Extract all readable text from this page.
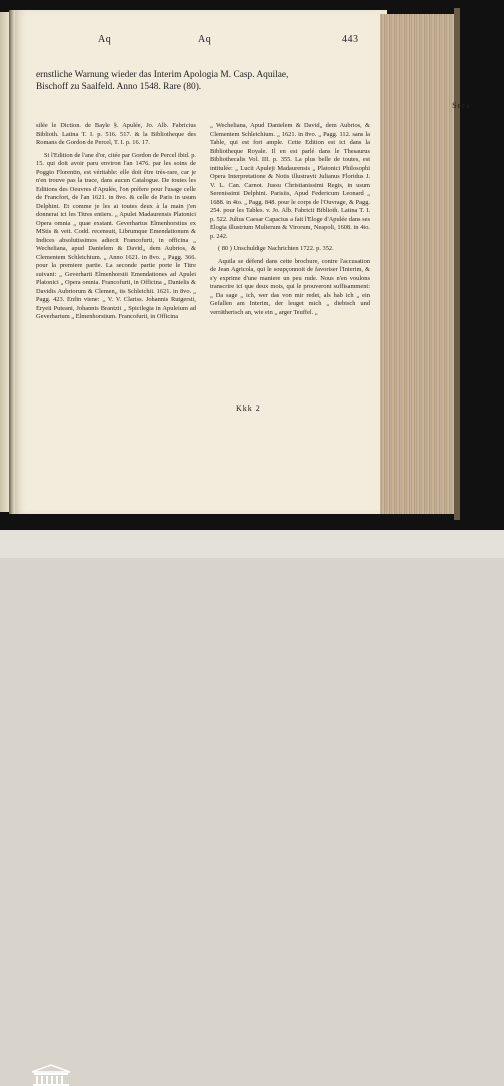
Aq	Aq	443
ernstliche Warnung wieder das Interim Apologia M. Casp. Aquilae,
Bischoff zu Saalfeld. Anno 1548. Rare (80).
Sera-

silée le Diction. de Bayle §. Apulée, Jo. Alb. Fabricius Biblioth. Latina T. I. p. 516. 517. & la Bibliotheque des Romans de Gordon de Percel, T. I. p. 16. 17.

Si l'Edition de l'ane d'or, citée par Gordon de Percel ibid. p. 15. qui doit avoir paru environ l'an 1476. par les soins de Poggio Florentin, est véritable: elle doit être très-rare, car je n'en trouve pas la trace, dans aucun Catalogue. De toutes les Editions des Oeuvres d'Apulée, l'on préfere pour l'usage celle de Francfort, de l'an 1621. in 8vo. & celle de Paris in usum Delphini. Et comme je les ai toutes deux à la main j'en donnerai ici les Titres entiers. „ Apulei Madaurensis Platonici Opera omnia „ quae exstant. Geverhartus Elmenhorstius ex MStis & vett. Codd. recensuit, Librumque Emendationum & Indices absolutissimos adiecit Francofurti, in officina „ Wecheliana, apud Danielem & David„ dem Aubrios, & Clementem Schleichium. „ Anno 1621. in 8vo. „ Pagg. 366. pour la premiere partie. La seconde partie porte le Titre suivant: „ Geverharti Elmenhorstii Emendationes ad Apulei Platonici „ Opera omnia. Francofurti, in Officina „ Danielis & Davidis Aubriorum & Clemen„ tis Schleichii. 1621. in 8vo. „ Pagg. 423. Enfin viene: „ V. V. Clariss. Johannis Rutgersii, Eryeii Puteani, Johannis Brantzii „ Spicilegia in Apuleium ad Geverhartum „ Elmenhorstium. Francofurti, in Officina

„ Wecheliana, Apud Danielem & David„ dem Aubrios, & Clementem Schleichium. „ 1621. in 8vo. „ Pagg. 112. sans la Table, qui est fort ample. Cette Edition est ici dans la Bibliotheque Royale. Il en est parlé dans le Thesaurus Bibliothecalis Vol. III. p. 355. La plus belle de toutes, est intitulée: „ Lucii Apuleji Madaurensis „ Platonici Philosophi Opera Interpretatione & Notis illustravit Julianus Floridus J. V. L. Can. Carnot. Jussu Christianissimi Regis, in usum Serenissimi Delphini. Parisiis, Apud Federicum Leonard „ 1688. in 4to. „ Pagg. 848. pour le corps de l'Ouvrage, & Pagg. 254. pour les Tables. v. Jo. Alb. Fabricii Biblioth. Latina T. I. p. 522. Julius Caesar Capacius a fait l'Eloge d'Apulée dans ses Elogia illustrium Mulierum & Virorum, Neapoli, 1608. in 4to. p. 242.

( 80 ) Unschuldige Nachrichten 1722. p. 352.

Aquila se défend dans cette brochure, contre l'accusation de Jean Agricola, qui le soupçonnoit de favoriser l'Interim, & s'y exprime d'une maniere un peu rude. Nous n'en voulons transcrire ici que deux mots, qui le prouveront suffisamment: „ Da sage „ ich, wer das von mir redet, als hab ich „ ein Gefallen am Interim, der leuget mich „ diebisch und verrätherisch an, wie ein „ arger Teuffel. „

Kkk 2
